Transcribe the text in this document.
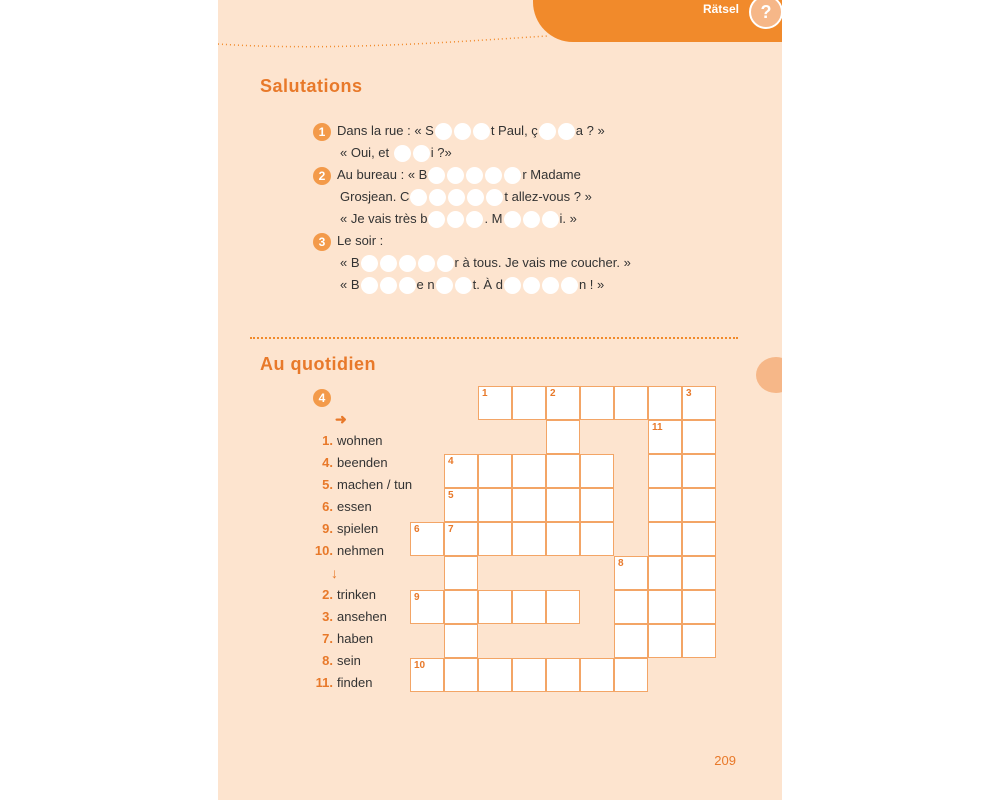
Rätsel	?
Salutations
1 Dans la rue : « S	t Paul, ç	a ? »
« Oui, et	i ?»
2 Au bureau : « B	r Madame
Grosjean. C	t allez-vous ? »
« Je vais très b	. M	i. »
3 Le soir :
« B	r à tous. Je vais me coucher. »
« B	e n	t. À d	n ! »
Au quotidien
4
➜
1. wohnen
4. beenden
5. machen / tun
6. essen
9. spielen
10. nehmen
↓
2. trinken
3. ansehen
7. haben
8. sein
11. finden
1	2	3
11
4
5
6	7
8
9
10
209
